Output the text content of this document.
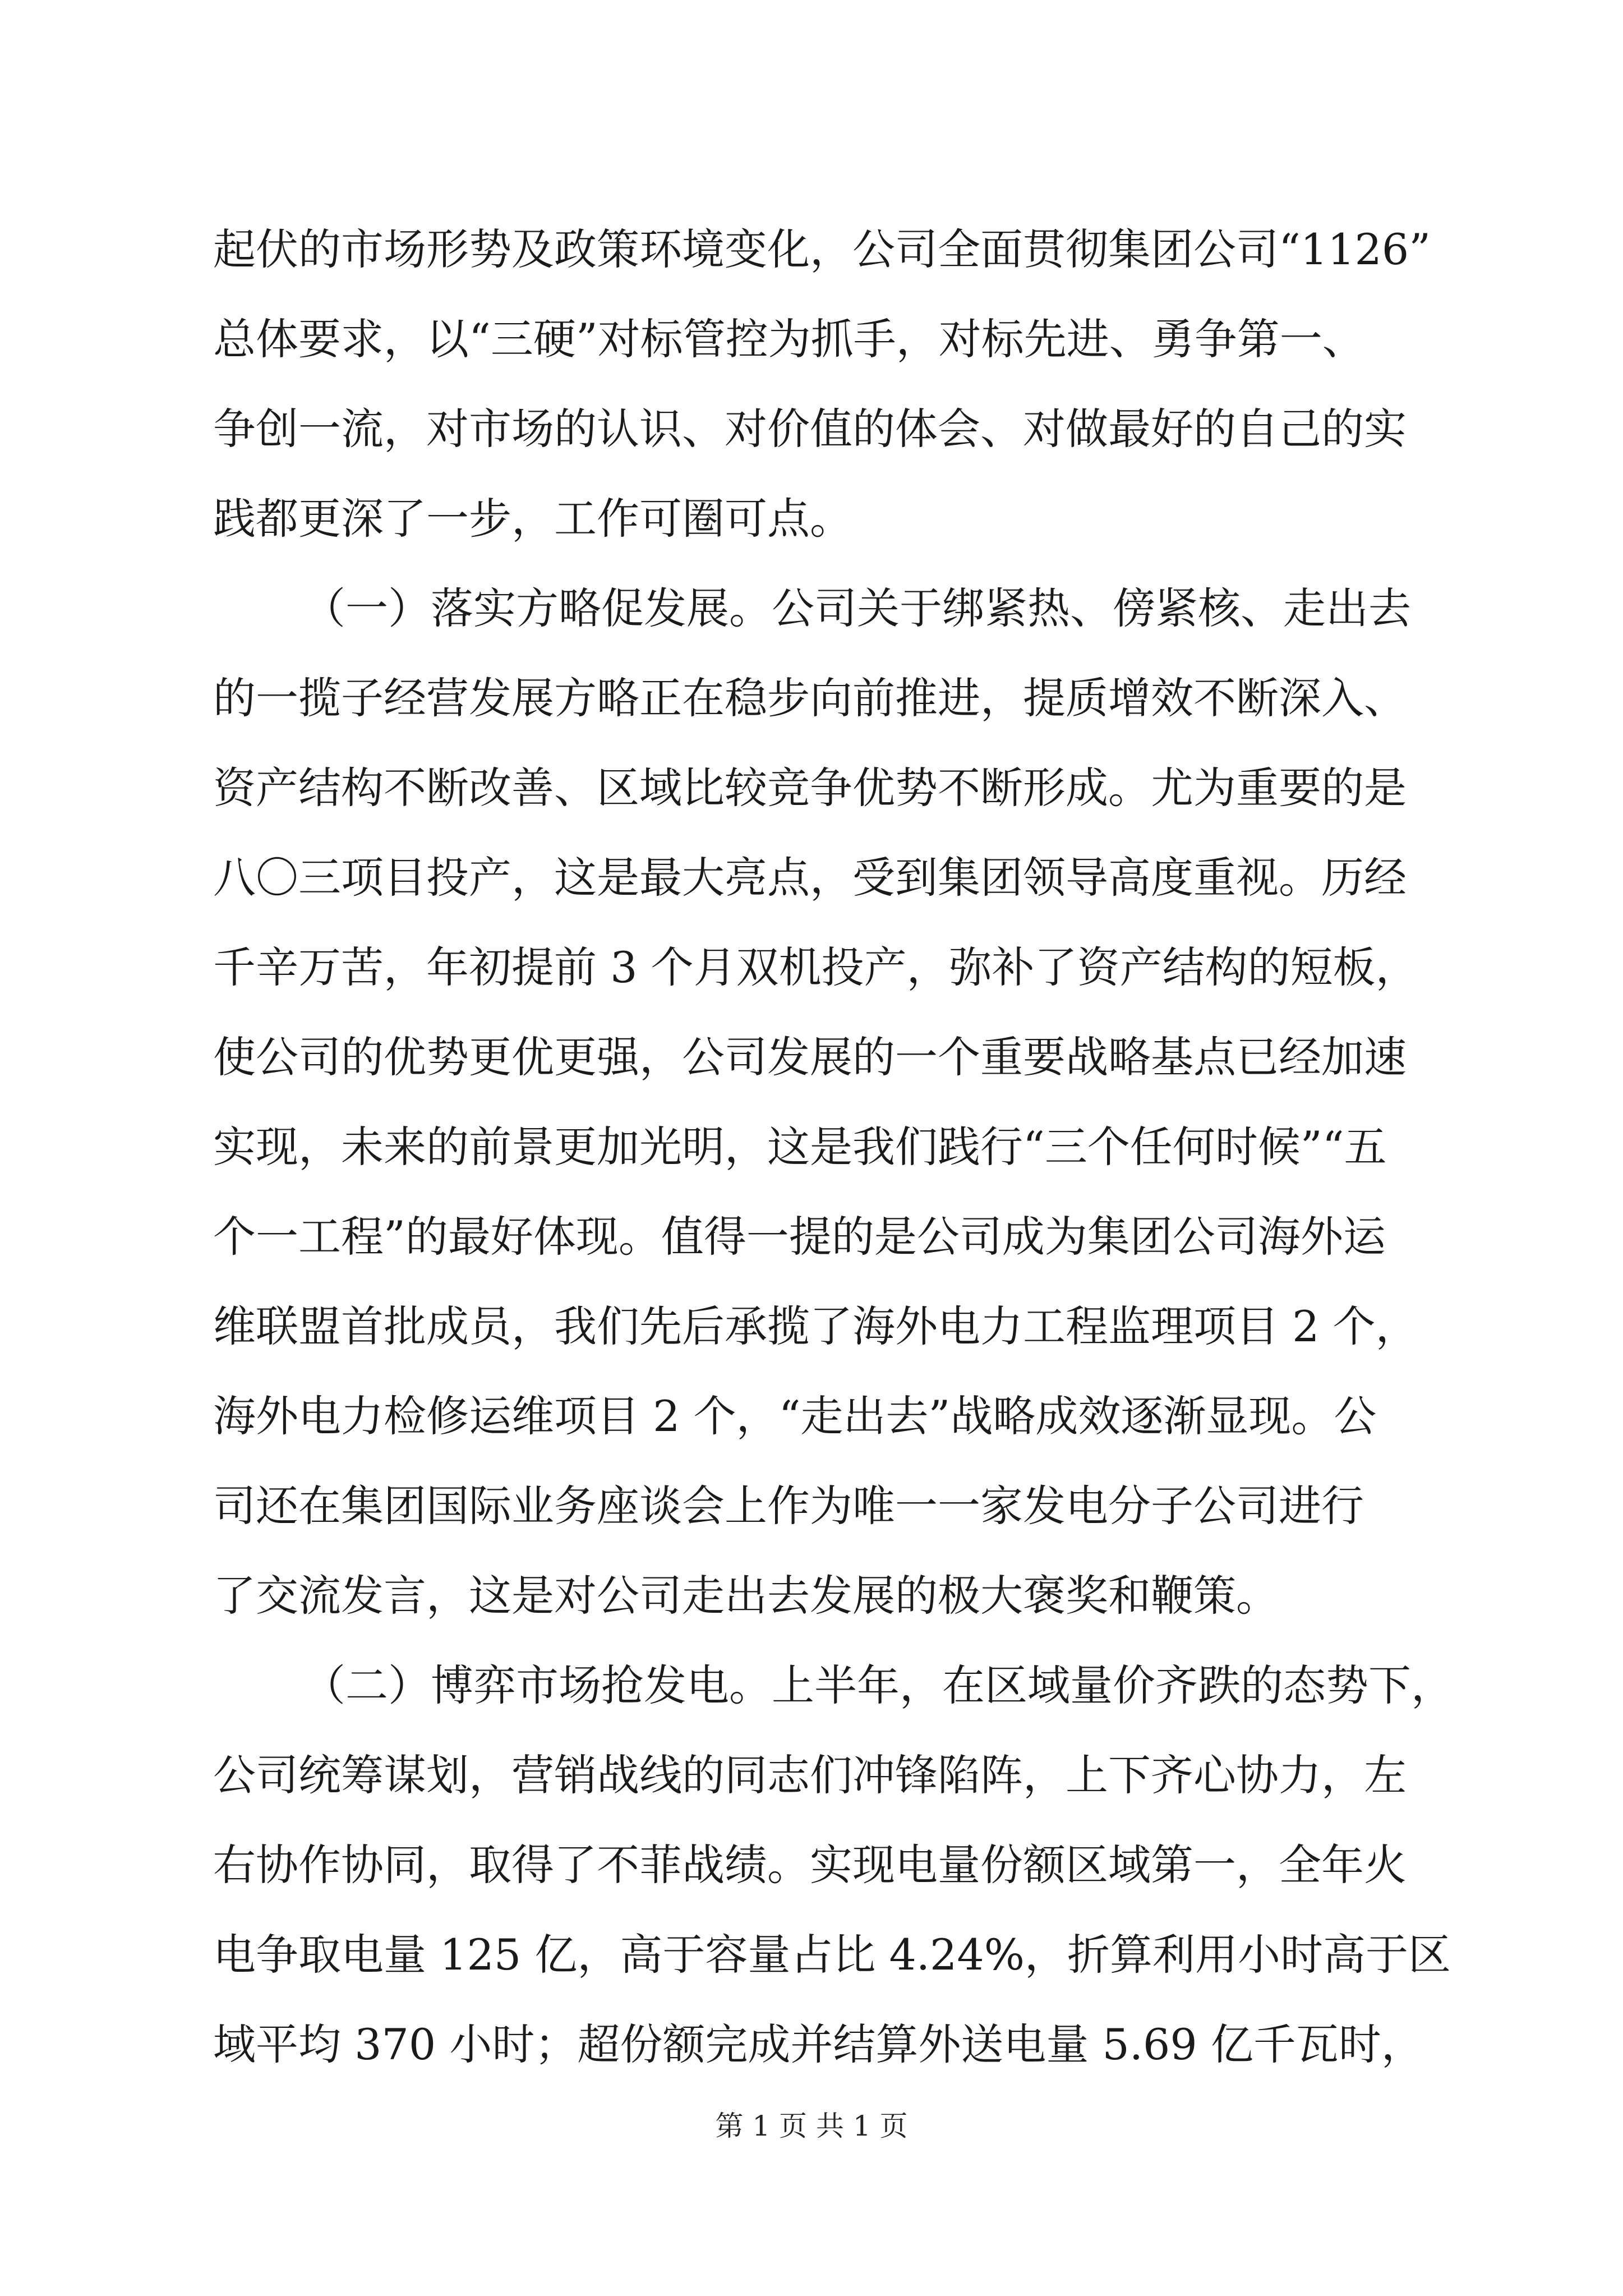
起伏的市场形势及政策环境变化，公司全面贯彻集团公司“1126”
总体要求，以“三硬”对标管控为抓手，对标先进、勇争第一、
争创一流，对市场的认识、对价值的体会、对做最好的自己的实
践都更深了一步，工作可圈可点。
（一）落实方略促发展。公司关于绑紧热、傍紧核、走出去
的一揽子经营发展方略正在稳步向前推进，提质增效不断深入、
资产结构不断改善、区域比较竞争优势不断形成。尤为重要的是
八〇三项目投产，这是最大亮点，受到集团领导高度重视。历经
千辛万苦，年初提前 3 个月双机投产，弥补了资产结构的短板，
使公司的优势更优更强，公司发展的一个重要战略基点已经加速
实现，未来的前景更加光明，这是我们践行“三个任何时候”“五
个一工程”的最好体现。值得一提的是公司成为集团公司海外运
维联盟首批成员，我们先后承揽了海外电力工程监理项目 2 个，
海外电力检修运维项目 2 个，“走出去”战略成效逐渐显现。公
司还在集团国际业务座谈会上作为唯一一家发电分子公司进行
了交流发言，这是对公司走出去发展的极大褒奖和鞭策。
（二）博弈市场抢发电。上半年，在区域量价齐跌的态势下，
公司统筹谋划，营销战线的同志们冲锋陷阵，上下齐心协力，左
右协作协同，取得了不菲战绩。实现电量份额区域第一，全年火
电争取电量 125 亿，高于容量占比 4.24%，折算利用小时高于区
域平均 370 小时；超份额完成并结算外送电量 5.69 亿千瓦时，
第 1 页 共 1 页
